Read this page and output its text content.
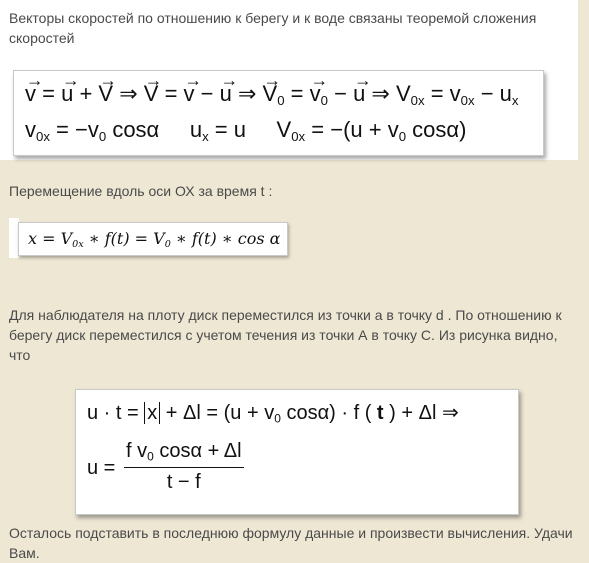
Векторы скоростей по отношению к берегу и к воде связаны теоремой сложения скоростей
→ v = → u + → V ⇒ → V = → v − → u ⇒ → $V_0$ = → $v_0$ − → u ⇒ $V_{0x} = v_{0x} - u_x$
$v_{0x} = -v_0$ cosα     $u_x = u$     $V_{0x} = -(u + v_0$ cosα)
Перемещение вдоль оси ОХ за время t :
$x = V_{0x}$ ∗ $f(t) = V_0$ ∗ f(t) ∗ cos α
Для наблюдателя на плоту диск переместился из точки a в точку d . По отношению к берегу диск переместился с учетом течения из точки А в точку С. Из рисунка видно, что
$u \cdot t = x + \Delta l = (u + v_0$ cosα) · f ( t ) + Δl ⇒
u =
f $v_0$ cosα + Δl
t − f
Осталось подставить в последнюю формулу данные и произвести вычисления. Удачи Вам.
